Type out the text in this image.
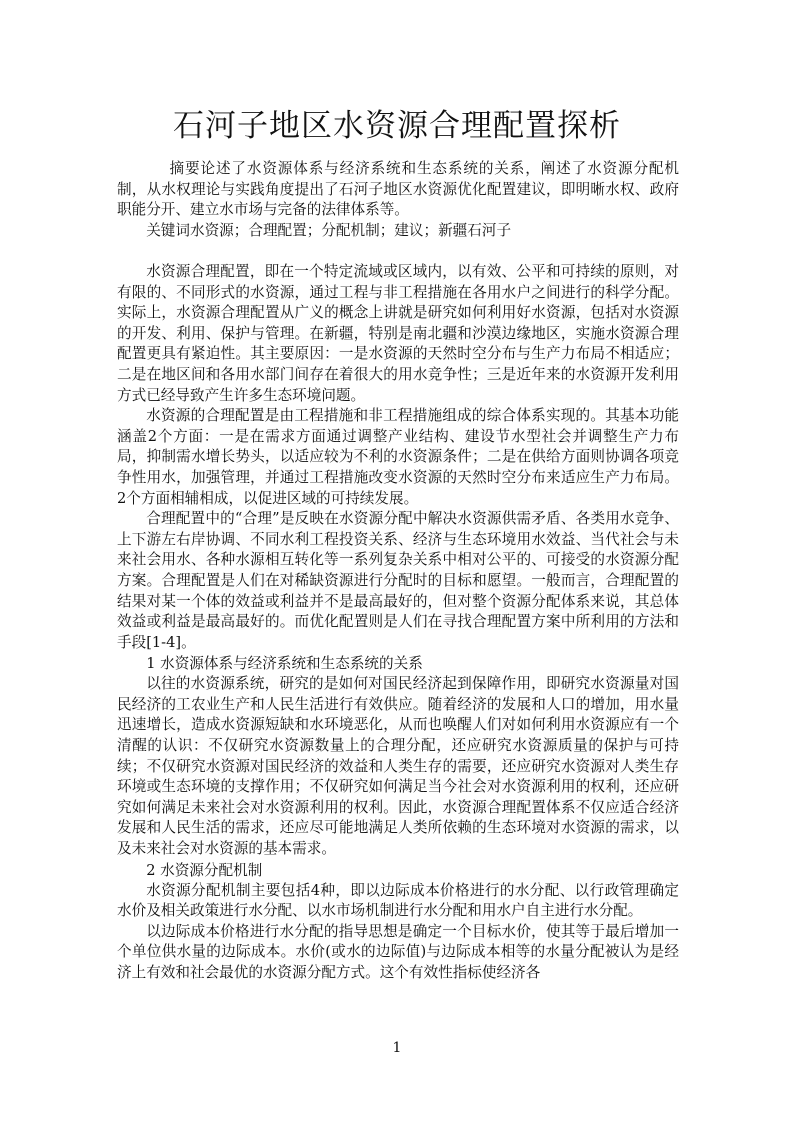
石河子地区水资源合理配置探析

摘要论述了水资源体系与经济系统和生态系统的关系，阐述了水资源分配机制，从水权理论与实践角度提出了石河子地区水资源优化配置建议，即明晰水权、政府职能分开、建立水市场与完备的法律体系等。

关键词水资源；合理配置；分配机制；建议；新疆石河子

水资源合理配置，即在一个特定流域或区域内，以有效、公平和可持续的原则，对有限的、不同形式的水资源，通过工程与非工程措施在各用水户之间进行的科学分配。实际上，水资源合理配置从广义的概念上讲就是研究如何利用好水资源，包括对水资源的开发、利用、保护与管理。在新疆，特别是南北疆和沙漠边缘地区，实施水资源合理配置更具有紧迫性。其主要原因：一是水资源的天然时空分布与生产力布局不相适应；二是在地区间和各用水部门间存在着很大的用水竞争性；三是近年来的水资源开发利用方式已经导致产生许多生态环境问题。

水资源的合理配置是由工程措施和非工程措施组成的综合体系实现的。其基本功能涵盖2个方面：一是在需求方面通过调整产业结构、建设节水型社会并调整生产力布局，抑制需水增长势头，以适应较为不利的水资源条件；二是在供给方面则协调各项竞争性用水，加强管理，并通过工程措施改变水资源的天然时空分布来适应生产力布局。2个方面相辅相成，以促进区域的可持续发展。

合理配置中的“合理”是反映在水资源分配中解决水资源供需矛盾、各类用水竞争、上下游左右岸协调、不同水利工程投资关系、经济与生态环境用水效益、当代社会与未来社会用水、各种水源相互转化等一系列复杂关系中相对公平的、可接受的水资源分配方案。合理配置是人们在对稀缺资源进行分配时的目标和愿望。一般而言，合理配置的结果对某一个体的效益或利益并不是最高最好的，但对整个资源分配体系来说，其总体效益或利益是最高最好的。而优化配置则是人们在寻找合理配置方案中所利用的方法和手段[1-4]。

1 水资源体系与经济系统和生态系统的关系

以往的水资源系统，研究的是如何对国民经济起到保障作用，即研究水资源量对国民经济的工农业生产和人民生活进行有效供应。随着经济的发展和人口的增加，用水量迅速增长，造成水资源短缺和水环境恶化，从而也唤醒人们对如何利用水资源应有一个清醒的认识：不仅研究水资源数量上的合理分配，还应研究水资源质量的保护与可持续；不仅研究水资源对国民经济的效益和人类生存的需要，还应研究水资源对人类生存环境或生态环境的支撑作用；不仅研究如何满足当今社会对水资源利用的权利，还应研究如何满足未来社会对水资源利用的权利。因此，水资源合理配置体系不仅应适合经济发展和人民生活的需求，还应尽可能地满足人类所依赖的生态环境对水资源的需求，以及未来社会对水资源的基本需求。

2 水资源分配机制

水资源分配机制主要包括4种，即以边际成本价格进行的水分配、以行政管理确定水价及相关政策进行水分配、以水市场机制进行水分配和用水户自主进行水分配。

以边际成本价格进行水分配的指导思想是确定一个目标水价，使其等于最后增加一个单位供水量的边际成本。水价(或水的边际值)与边际成本相等的水量分配被认为是经济上有效和社会最优的水资源分配方式。这个有效性指标使经济各

1
